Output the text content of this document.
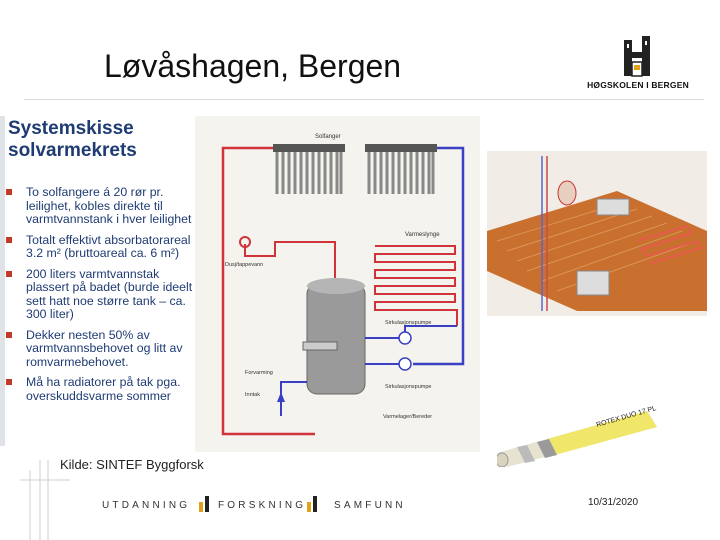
Løvåshagen, Bergen
HØGSKOLEN I BERGEN
Systemskisse solvarmekrets
To solfangere á 20 rør pr. leilighet, kobles direkte til varmtvannstank i hver leilighet
Totalt effektivt absorbatorareal 3.2 m² (bruttoareal ca. 6 m²)
200 liters varmtvannstak plassert på badet (burde ideelt sett hatt noe større tank – ca. 300 liter)
Dekker nesten 50% av varmtvannsbehovet og litt av romvarmebehovet.
Må ha radiatorer på tak pga. overskuddsvarme sommer
Solfanger
Varmeslynge
Dusj/tappevann
Varmelager/Bereder
Sirkulasjonspumpe
Sirkulasjonspumpe
Forvarming
Inntak
ROTEX DUO 17 PL
Kilde: SINTEF Byggforsk
UTDANNING	FORSKNING	SAMFUNN	10/31/2020
